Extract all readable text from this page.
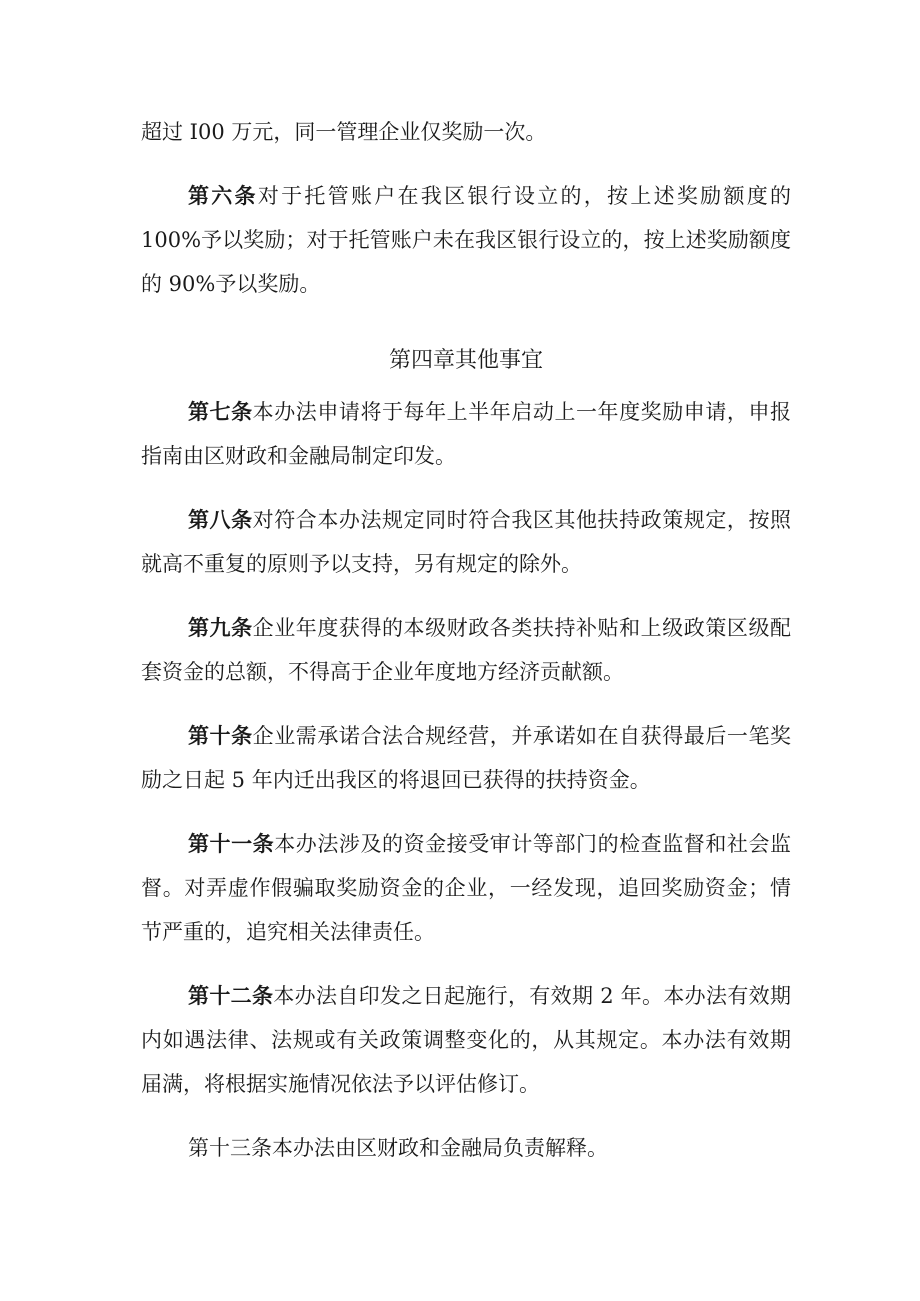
超过 I00 万元，同一管理企业仅奖励一次。

第六条对于托管账户在我区银行设立的，按上述奖励额度的100%予以奖励；对于托管账户未在我区银行设立的，按上述奖励额度的 90%予以奖励。

第四章其他事宜

第七条本办法申请将于每年上半年启动上一年度奖励申请，申报指南由区财政和金融局制定印发。

第八条对符合本办法规定同时符合我区其他扶持政策规定，按照就高不重复的原则予以支持，另有规定的除外。

第九条企业年度获得的本级财政各类扶持补贴和上级政策区级配套资金的总额，不得高于企业年度地方经济贡献额。

第十条企业需承诺合法合规经营，并承诺如在自获得最后一笔奖励之日起 5 年内迁出我区的将退回已获得的扶持资金。

第十一条本办法涉及的资金接受审计等部门的检查监督和社会监督。对弄虚作假骗取奖励资金的企业，一经发现，追回奖励资金；情节严重的，追究相关法律责任。

第十二条本办法自印发之日起施行，有效期 2 年。本办法有效期内如遇法律、法规或有关政策调整变化的，从其规定。本办法有效期届满，将根据实施情况依法予以评估修订。

第十三条本办法由区财政和金融局负责解释。
